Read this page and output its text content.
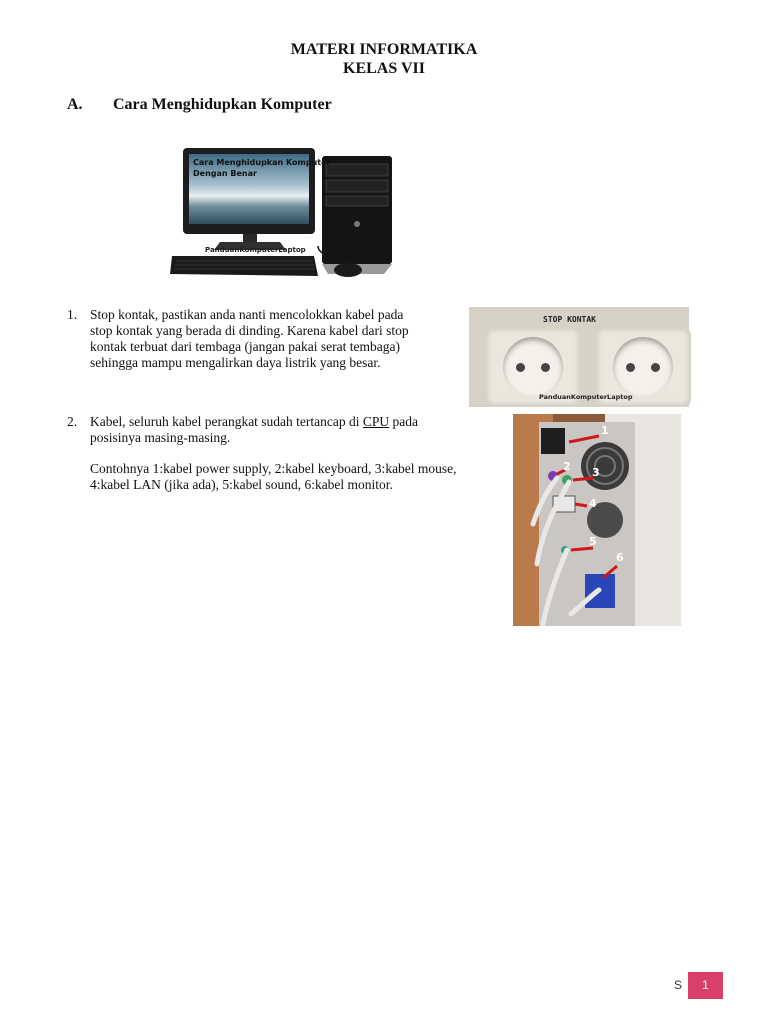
MATERI INFORMATIKA
KELAS VII
A. Cara Menghidupkan Komputer
Cara Menghidupkan Komputer
Dengan Benar
PanduanKomputerLaptop
1. Stop kontak, pastikan anda nanti mencolokkan kabel pada
stop kontak yang berada di dinding. Karena kabel dari stop
kontak terbuat dari tembaga (jangan pakai serat tembaga)
sehingga mampu mengalirkan daya listrik yang besar.
STOP KONTAK
PanduanKomputerLaptop
2. Kabel, seluruh kabel perangkat sudah tertancap di CPU pada
posisinya masing-masing.
Contohnya 1:kabel power supply, 2:kabel keyboard, 3:kabel mouse,
4:kabel LAN (jika ada), 5:kabel sound, 6:kabel monitor.
1
2 3
4
5
6
S	1
